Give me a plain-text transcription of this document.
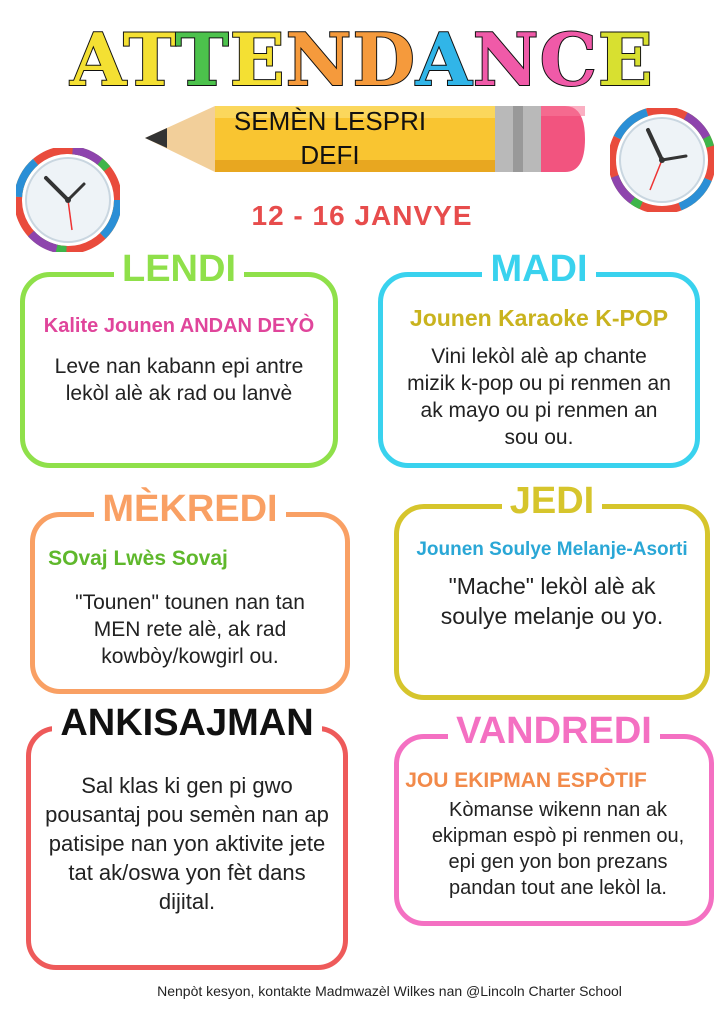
ATTENDANCE
SEMÈN LESPRI
DEFI
12 - 16 JANVYE
LENDI
Kalite Jounen ANDAN DEYÒ
Leve nan kabann epi antre lekòl alè ak rad ou lanvè
MADI
Jounen Karaoke K-POP
Vini lekòl alè ap chante mizik k-pop ou pi renmen an ak mayo ou pi renmen an sou ou.
MÈKREDI
SOvaj Lwès Sovaj
"Tounen" tounen nan tan MEN rete alè, ak rad kowbòy/kowgirl ou.
JEDI
Jounen Soulye Melanje-Asorti
"Mache" lekòl alè ak soulye melanje ou yo.
ANKISAJMAN
Sal klas ki gen pi gwo pousantaj pou semèn nan ap patisipe nan yon aktivite jete tat ak/oswa yon fèt dans dijital.
VANDREDI
JOU EKIPMAN ESPÒTIF
Kòmanse wikenn nan ak ekipman espò pi renmen ou, epi gen yon bon prezans pandan tout ane lekòl la.
Nenpòt kesyon, kontakte Madmwazèl Wilkes nan @Lincoln Charter School
